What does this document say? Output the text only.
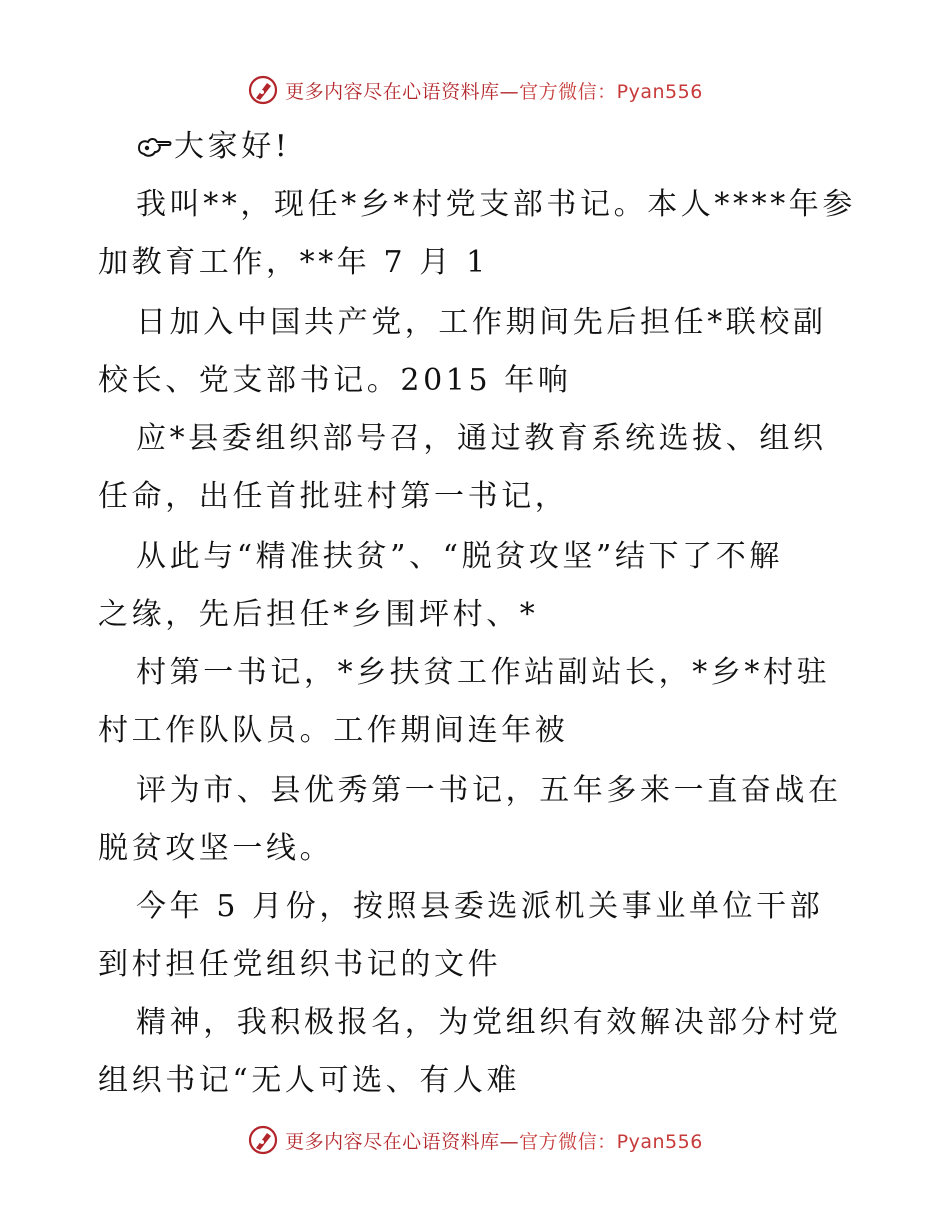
更多内容尽在心语资料库—官方微信：Pyan556
大家好!
我叫**，现任*乡*村党支部书记。本人****年参
加教育工作，**年 7 月 1
日加入中国共产党，工作期间先后担任*联校副
校长、党支部书记。2015 年响
应*县委组织部号召，通过教育系统选拔、组织
任命，出任首批驻村第一书记，
从此与“精准扶贫”、“脱贫攻坚”结下了不解
之缘，先后担任*乡围坪村、*
村第一书记，*乡扶贫工作站副站长，*乡*村驻
村工作队队员。工作期间连年被
评为市、县优秀第一书记，五年多来一直奋战在
脱贫攻坚一线。
今年 5 月份，按照县委选派机关事业单位干部
到村担任党组织书记的文件
精神，我积极报名，为党组织有效解决部分村党
组织书记“无人可选、有人难
更多内容尽在心语资料库—官方微信：Pyan556
